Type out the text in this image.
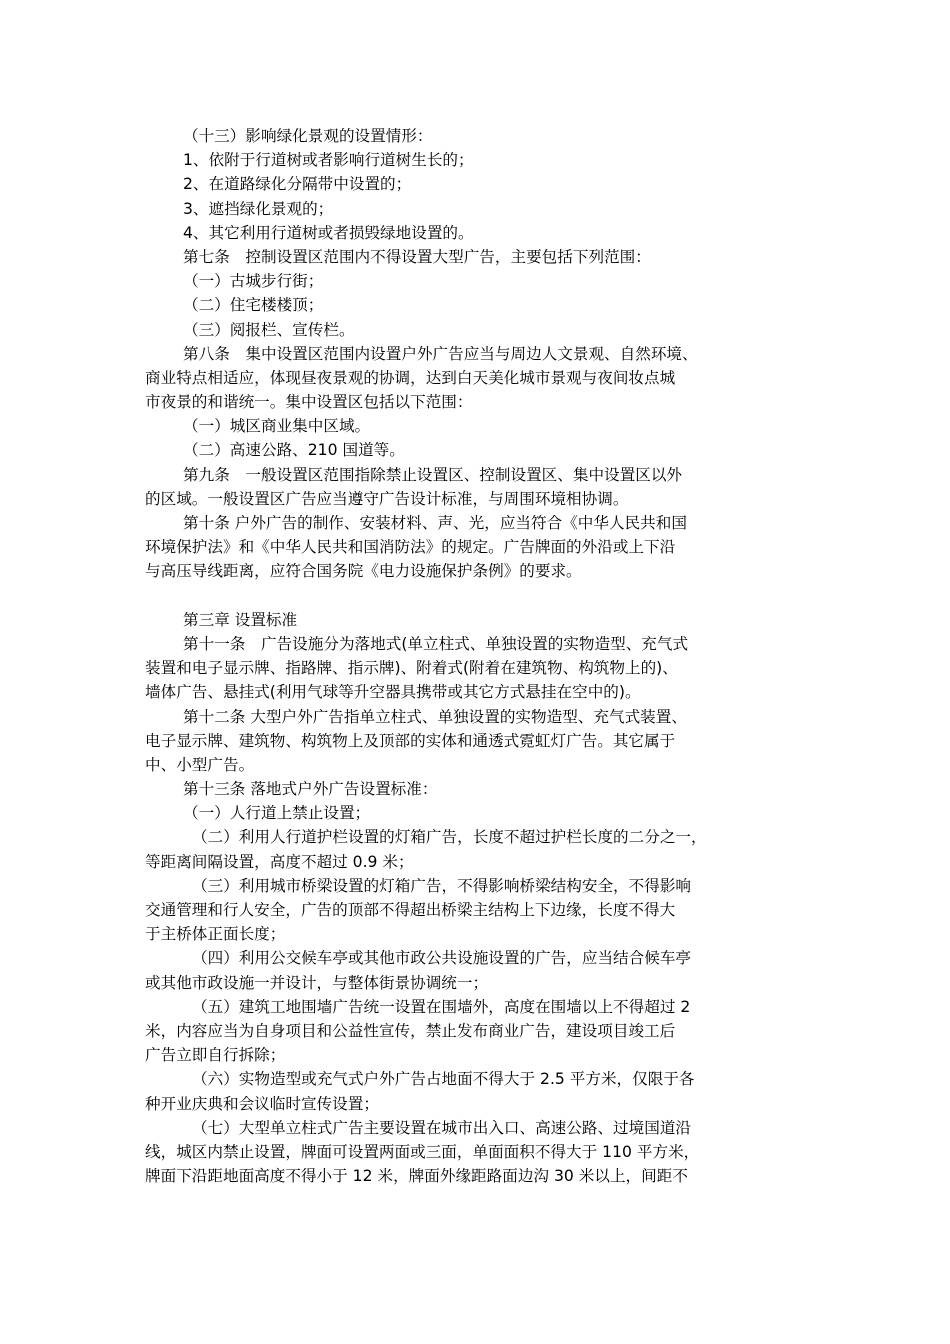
（十三）影响绿化景观的设置情形：
1、依附于行道树或者影响行道树生长的；
2、在道路绿化分隔带中设置的；
3、遮挡绿化景观的；
4、其它利用行道树或者损毁绿地设置的。
第七条　控制设置区范围内不得设置大型广告，主要包括下列范围：
（一）古城步行街；
（二）住宅楼楼顶；
（三）阅报栏、宣传栏。
第八条　集中设置区范围内设置户外广告应当与周边人文景观、自然环境、
商业特点相适应，体现昼夜景观的协调，达到白天美化城市景观与夜间妆点城
市夜景的和谐统一。集中设置区包括以下范围：
（一）城区商业集中区域。
（二）高速公路、210 国道等。
第九条　一般设置区范围指除禁止设置区、控制设置区、集中设置区以外
的区域。一般设置区广告应当遵守广告设计标准，与周围环境相协调。
第十条 户外广告的制作、安装材料、声、光，应当符合《中华人民共和国
环境保护法》和《中华人民共和国消防法》的规定。广告牌面的外沿或上下沿
与高压导线距离，应符合国务院《电力设施保护条例》的要求。
第三章 设置标准
第十一条　广告设施分为落地式(单立柱式、单独设置的实物造型、充气式
装置和电子显示牌、指路牌、指示牌)、附着式(附着在建筑物、构筑物上的)、
墙体广告、悬挂式(利用气球等升空器具携带或其它方式悬挂在空中的)。
第十二条 大型户外广告指单立柱式、单独设置的实物造型、充气式装置、
电子显示牌、建筑物、构筑物上及顶部的实体和通透式霓虹灯广告。其它属于
中、小型广告。
第十三条 落地式户外广告设置标准：
（一）人行道上禁止设置；
（二）利用人行道护栏设置的灯箱广告，长度不超过护栏长度的二分之一，
等距离间隔设置，高度不超过 0.9 米；
（三）利用城市桥梁设置的灯箱广告，不得影响桥梁结构安全，不得影响
交通管理和行人安全，广告的顶部不得超出桥梁主结构上下边缘，长度不得大
于主桥体正面长度；
（四）利用公交候车亭或其他市政公共设施设置的广告，应当结合候车亭
或其他市政设施一并设计，与整体街景协调统一；
（五）建筑工地围墙广告统一设置在围墙外，高度在围墙以上不得超过 2
米，内容应当为自身项目和公益性宣传，禁止发布商业广告，建设项目竣工后
广告立即自行拆除；
（六）实物造型或充气式户外广告占地面不得大于 2.5 平方米，仅限于各
种开业庆典和会议临时宣传设置；
（七）大型单立柱式广告主要设置在城市出入口、高速公路、过境国道沿
线，城区内禁止设置，牌面可设置两面或三面，单面面积不得大于 110 平方米，
牌面下沿距地面高度不得小于 12 米，牌面外缘距路面边沟 30 米以上，间距不
